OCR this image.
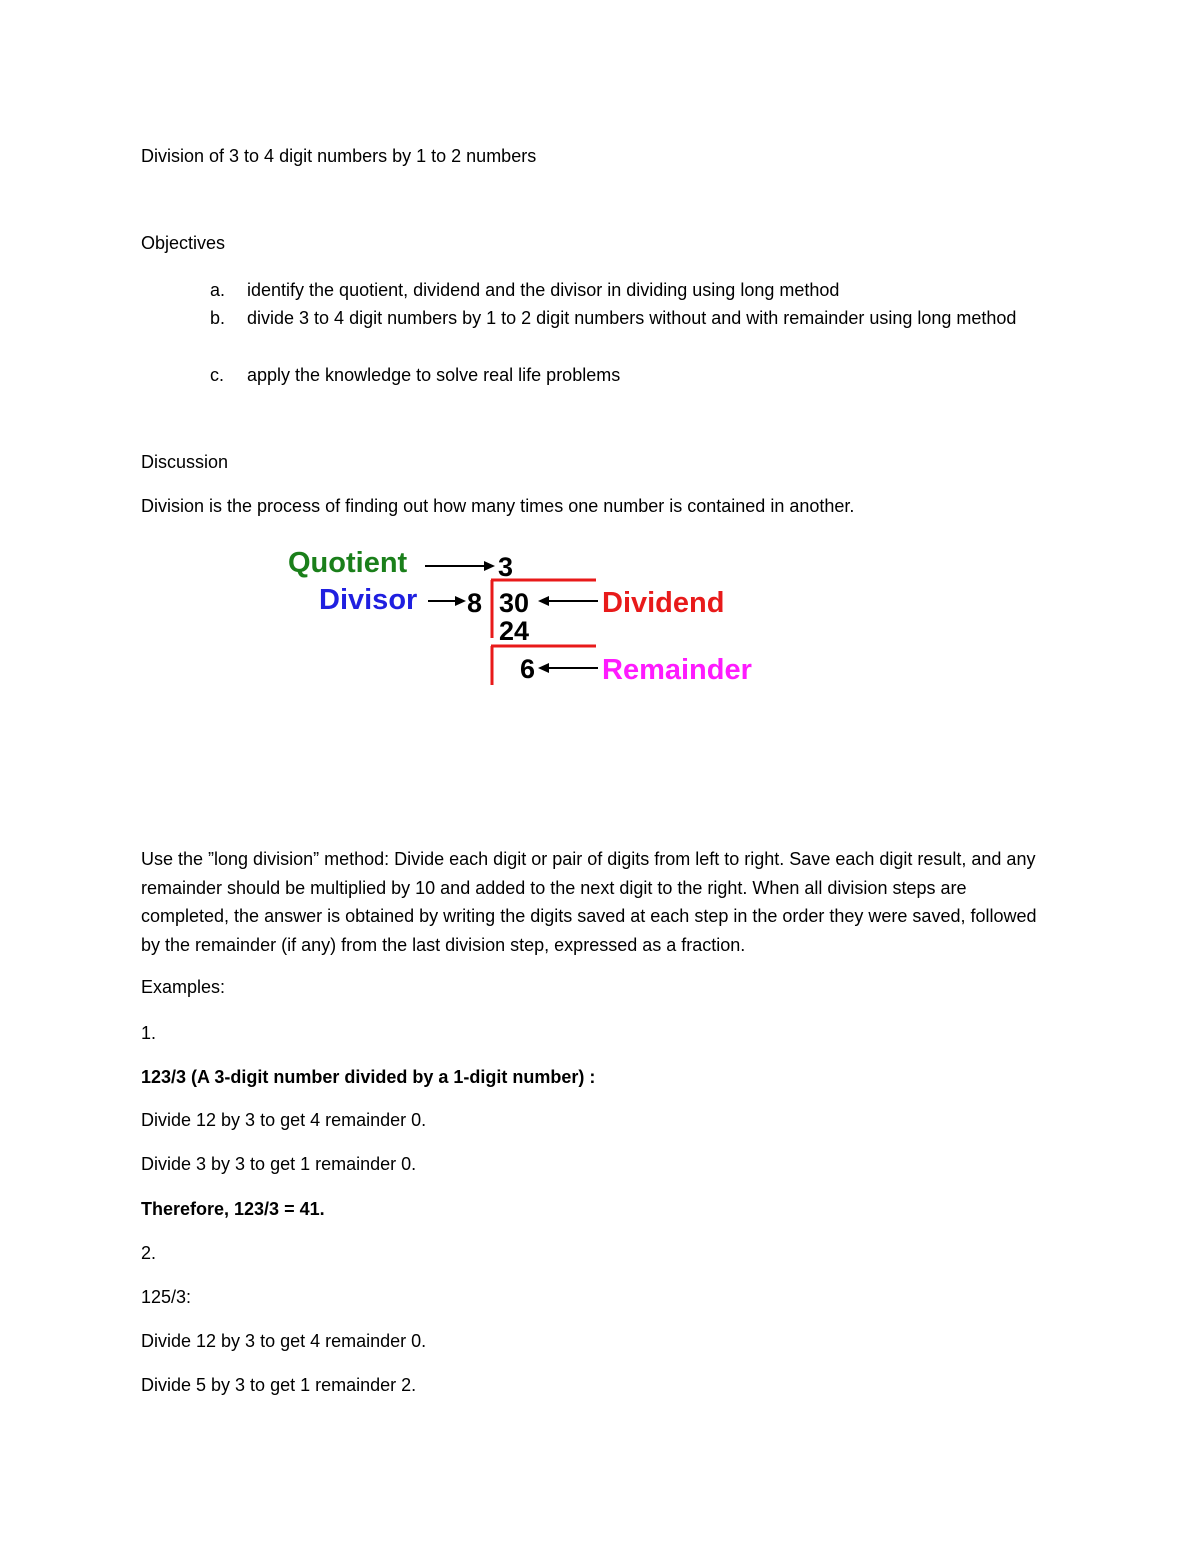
Division of 3 to 4 digit numbers by 1 to 2 numbers
Objectives
a.	identify the quotient, dividend and the divisor in dividing using long method
b.	divide 3 to 4 digit numbers by 1 to 2 digit numbers without and with remainder using long method
c.	apply the knowledge to solve real life problems
Discussion
Division is the process of finding out how many times one number is contained in another.
Quotient
Divisor	Dividend
Remainder
3
8 30
24
6
Use the ”long division” method: Divide each digit or pair of digits from left to right. Save each digit result, and any remainder should be multiplied by 10 and added to the next digit to the right. When all division steps are completed, the answer is obtained by writing the digits saved at each step in the order they were saved, followed by the remainder (if any) from the last division step, expressed as a fraction.
Examples:
1.
123/3 (A 3-digit number divided by a 1-digit number) :
Divide 12 by 3 to get 4 remainder 0.
Divide 3 by 3 to get 1 remainder 0.
Therefore, 123/3 = 41.
2.
125/3:
Divide 12 by 3 to get 4 remainder 0.
Divide 5 by 3 to get 1 remainder 2.
